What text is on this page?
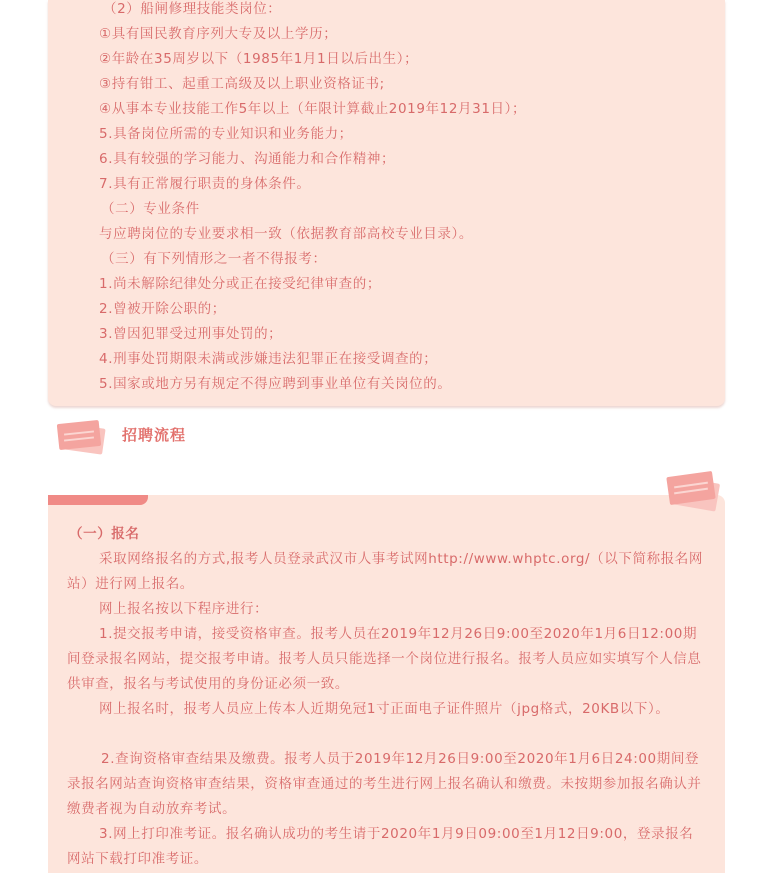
（2）船闸修理技能类岗位：
①具有国民教育序列大专及以上学历；
②年龄在35周岁以下（1985年1月1日以后出生）；
③持有钳工、起重工高级及以上职业资格证书;
④从事本专业技能工作5年以上（年限计算截止2019年12月31日）；
5.具备岗位所需的专业知识和业务能力；
6.具有较强的学习能力、沟通能力和合作精神；
7.具有正常履行职责的身体条件。
（二）专业条件
与应聘岗位的专业要求相一致（依据教育部高校专业目录）。
（三）有下列情形之一者不得报考：
1.尚未解除纪律处分或正在接受纪律审查的；
2.曾被开除公职的；
3.曾因犯罪受过刑事处罚的；
4.刑事处罚期限未满或涉嫌违法犯罪正在接受调查的；
5.国家或地方另有规定不得应聘到事业单位有关岗位的。
招聘流程
（一）报名
采取网络报名的方式,报考人员登录武汉市人事考试网http://www.whptc.org/（以下简称报名网站）进行网上报名。
网上报名按以下程序进行：
1.提交报考申请，接受资格审查。报考人员在2019年12月26日9:00至2020年1月6日12:00期间登录报名网站，提交报考申请。报考人员只能选择一个岗位进行报名。报考人员应如实填写个人信息供审查，报名与考试使用的身份证必须一致。
网上报名时，报考人员应上传本人近期免冠1寸正面电子证件照片（jpg格式，20KB以下）。
2.查询资格审查结果及缴费。报考人员于2019年12月26日9:00至2020年1月6日24:00期间登录报名网站查询资格审查结果，资格审查通过的考生进行网上报名确认和缴费。未按期参加报名确认并缴费者视为自动放弃考试。
3.网上打印准考证。报名确认成功的考生请于2020年1月9日09:00至1月12日9:00，登录报名网站下载打印准考证。
